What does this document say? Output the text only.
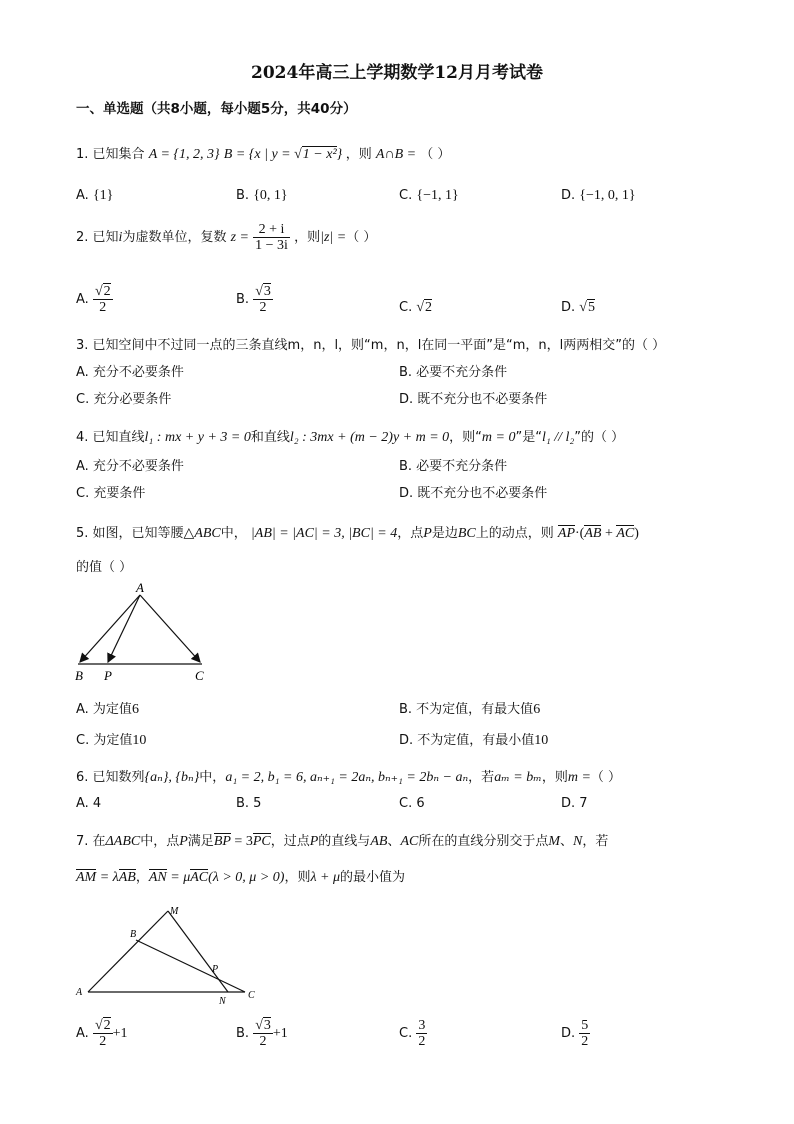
2024年高三上学期数学12月月考试卷
一、单选题（共8小题，每小题5分，共40分）
1. 已知集合 A = {1, 2, 3} B = {x | y = √1 − x²} ，则 A∩B = （ ）
A. {1}	B. {0, 1}	C. {−1, 1}	D. {−1, 0, 1}
2. 已知i为虚数单位，复数 $z = \frac{2 + i}{1 - 3i}$ ，则|z| =（ ）
A. $\frac{√2}{2}$	B. $\frac{√3}{2}$	C. √2	D. √5
3. 已知空间中不过同一点的三条直线m，n，l，则“m，n，l在同一平面”是“m，n，l两两相交”的（ ）
A. 充分不必要条件	B. 必要不充分条件
C. 充分必要条件	D. 既不充分也不必要条件
4. 已知直线l₁ : mx + y + 3 = 0和直线l₂ : 3mx + (m − 2)y + m = 0，则“m = 0”是“l₁ // l₂”的（ ）
A. 充分不必要条件	B. 必要不充分条件
C. 充要条件	D. 既不充分也不必要条件
5. 如图，已知等腰△ABC中， |AB| = |AC| = 3, |BC| = 4，点P是边BC上的动点，则 AP·(AB + AC)
的值（ ）
A
B P	C
A. 为定值6	B. 不为定值，有最大值6
C. 为定值10	D. 不为定值，有最小值10
6. 已知数列{aₙ}, {bₙ}中，a₁ = 2, b₁ = 6, aₙ₊₁ = 2aₙ, bₙ₊₁ = 2bₙ − aₙ，若aₘ = bₘ，则m =（ ）
A. 4	B. 5	C. 6	D. 7
7. 在ΔABC中，点P满足BP = 3PC，过点P的直线与AB、AC所在的直线分别交于点M、N，若
AM = λAB，AN = μAC(λ > 0, μ > 0)，则λ + μ的最小值为
M
B
P
A
N
C
A. $\frac{√2}{2} +1$	B. $\frac{√3}{2} +1$	C. $\frac{3}{2}$	D. $\frac{5}{2}$
